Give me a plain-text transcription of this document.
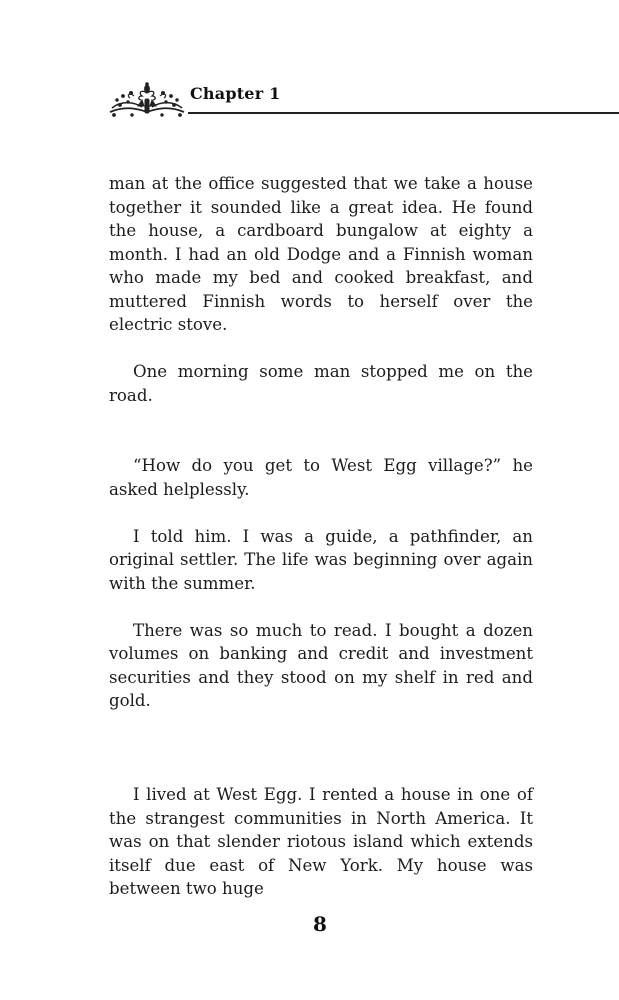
Chapter 1

man at the office suggested that we take a house together it sounded like a great idea. He found the house, a cardboard bungalow at eighty a month. I had an old Dodge and a Finnish woman who made my bed and cooked breakfast, and muttered Finnish words to herself over the electric stove.

One morning some man stopped me on the road.

“How do you get to West Egg village?” he asked helplessly.

I told him. I was a guide, a pathfinder, an original settler. The life was beginning over again with the summer.

There was so much to read. I bought a dozen volumes on banking and credit and investment securities and they stood on my shelf in red and gold.

I lived at West Egg. I rented a house in one of the strangest communities in North America. It was on that slender riotous island which extends itself due east of New York. My house was between two huge

8
